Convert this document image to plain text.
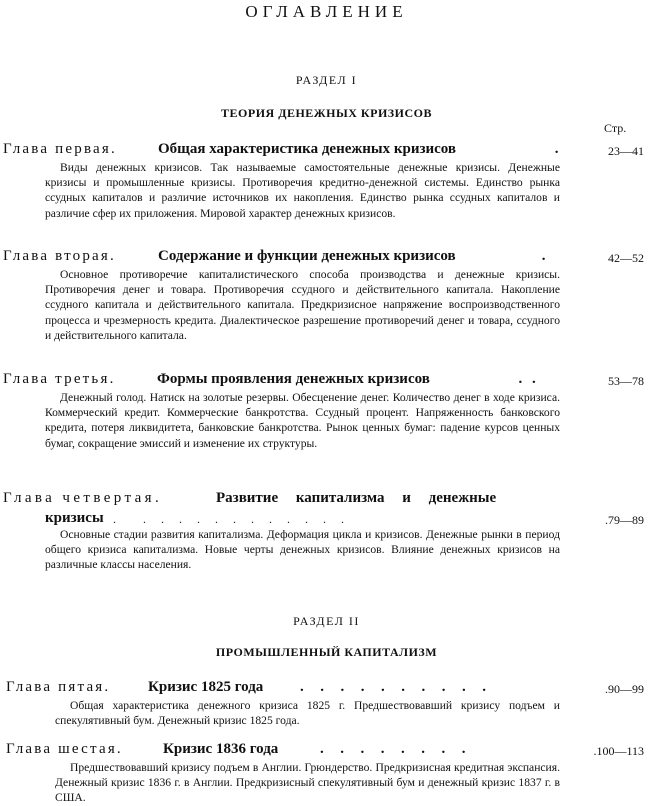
ОГЛАВЛЕНИЕ
РАЗДЕЛ I
ТЕОРИЯ ДЕНЕЖНЫХ КРИЗИСОВ
Стр.
Глава первая.	Общая характеристика денежных кризисов	.	23—41
Виды денежных кризисов. Так называемые самостоятельные денежные кризисы. Денежные кризисы и промышленные кризисы. Противоречия кредитно-денежной системы. Единство рынка ссудных капиталов и различие источников их накопления. Единство рынка ссудных капиталов и различие сфер их приложения. Мировой характер денежных кризисов.
Глава вторая.	Содержание и функции денежных кризисов	.	42—52
Основное противоречие капиталистического способа производства и денежные кризисы. Противоречия денег и товара. Противоречия ссудного и действительного капитала. Накопление ссудного капитала и действительного капитала. Предкризисное напряжение воспроизводственного процесса и чрезмерность кредита. Диалектическое разрешение противоречий денег и товара, ссудного и действительного капитала.
Глава третья.	Формы проявления денежных кризисов	. .	53—78
Денежный голод. Натиск на золотые резервы. Обесценение денег. Количество денег в ходе кризиса. Коммерческий кредит. Коммерческие банкротства. Ссудный процент. Напряженность банковского кредита, потеря ликвидитета, банковские банкротства. Рынок ценных бумаг: падение курсов ценных бумаг, сокращение эмиссий и изменение их структуры.
Глава четвертая.	Развитие капитализма и денежные
кризисы .    .  .  .  .  .  .  .  .  .  .  .  .	.79—89
Основные стадии развития капитализма. Деформация цикла и кризисов. Денежные рынки в период общего кризиса капитализма. Новые черты денежных кризисов. Влияние денежных кризисов на различные классы населения.
РАЗДЕЛ II
ПРОМЫШЛЕННЫЙ КАПИТАЛИЗМ
Глава пятая.	Кризис 1825 года .  .  .  .  .  .  .  .  .  .	.90—99
Общая характеристика денежного кризиса 1825 г. Предшествовавший кризису подъем и спекулятивный бум. Денежный кризис 1825 года.
Глава шестая.	Кризис 1836 года	.  .  .  .  .  .  .  .	.100—113
Предшествовавший кризису подъем в Англии. Грюндерство. Предкризисная кредитная экспансия. Денежный кризис 1836 г. в Англии. Предкризисный спекулятивный бум и денежный кризис 1837 г. в США.
